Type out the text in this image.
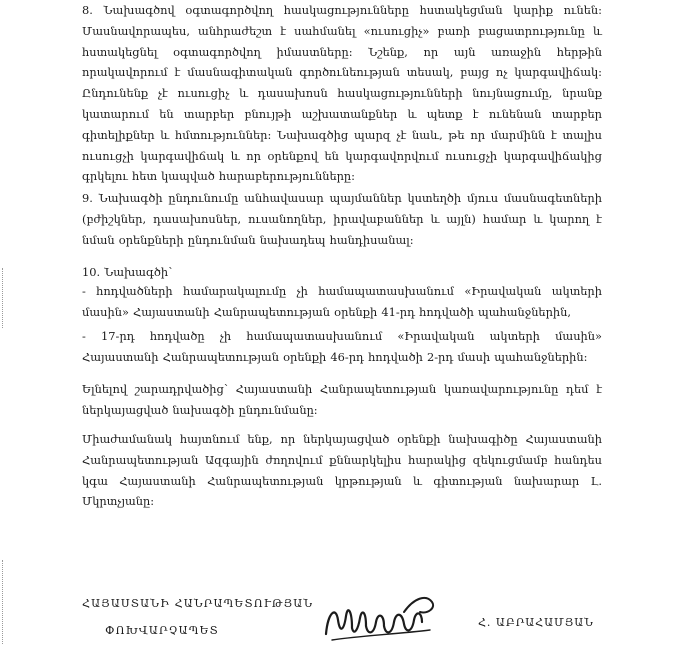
8. Նախագծով օգտագործվող հասկացությունները հստակեցման կարիք ունեն: Մասնավորապես, անհրաժեշտ է սահմանել «ուսուցիչ» բառի բացատրությունը և հստակեցնել օգտագործվող իմաստները: Նշենք, որ այն առաջին հերթին որակավորում է մասնագիտական գործունեության տեսակ, բայց ոչ կարգավիճակ: Ընդունենք չէ ուսուցիչ և դասախոսն հասկացությունների նույնացումը, նրանք կատարում են տարբեր բնույթի աշխատանքներ և պետք է ունենան տարբեր գիտելիքներ և հմտություններ: Նախագծից պարզ չէ նաև, թե որ մարմինն է տալիս ուսուցչի կարգավիճակ և որ օրենքով են կարգավորվում ուսուցչի կարգավիճակից գրկելու հետ կապված հարաբերությունները:

9. Նախագծի ընդունումը անհավասար պայմաններ կստեղծի մյուս մասնագետների (բժիշկներ, դասախոսներ, ուսանողներ, իրավաբաններ և այլն) համար և կարող է նման օրենքների ընդունման նախադեպ հանդիսանալ:

10. Նախագծի՝

- հոդվածների համարակալումը չի համապատասխանում «Իրավական ակտերի մասին» Հայաստանի Հանրապետության օրենքի 41-րդ հոդվածի պահանջներին,

- 17-րդ հոդվածը չի համապատասխանում «Իրավական ակտերի մասին» Հայաստանի Հանրապետության օրենքի 46-րդ հոդվածի 2-րդ մասի պահանջներին:

Ելնելով շարադրվածից՝ Հայաստանի Հանրապետության կառավարությունը դեմ է ներկայացված նախագծի ընդունմանը:

Միաժամանակ հայտնում ենք, որ ներկայացված օրենքի նախագիծը Հայաստանի Հանրապետության Ազգային ժողովում քննարկելիս հարակից զեկուցմամբ հանդես կգա Հայաստանի Հանրապետության կրթության և գիտության նախարար Լ. Մկրտչյանը:

ՀԱՅԱՍՏԱՆԻ ՀԱՆՐԱՊԵՏՈՒԹՅԱՆ
ՓՈԽՎԱՐՉԱՊԵՏ
Հ. ԱԲՐԱՀԱՄՅԱՆ
